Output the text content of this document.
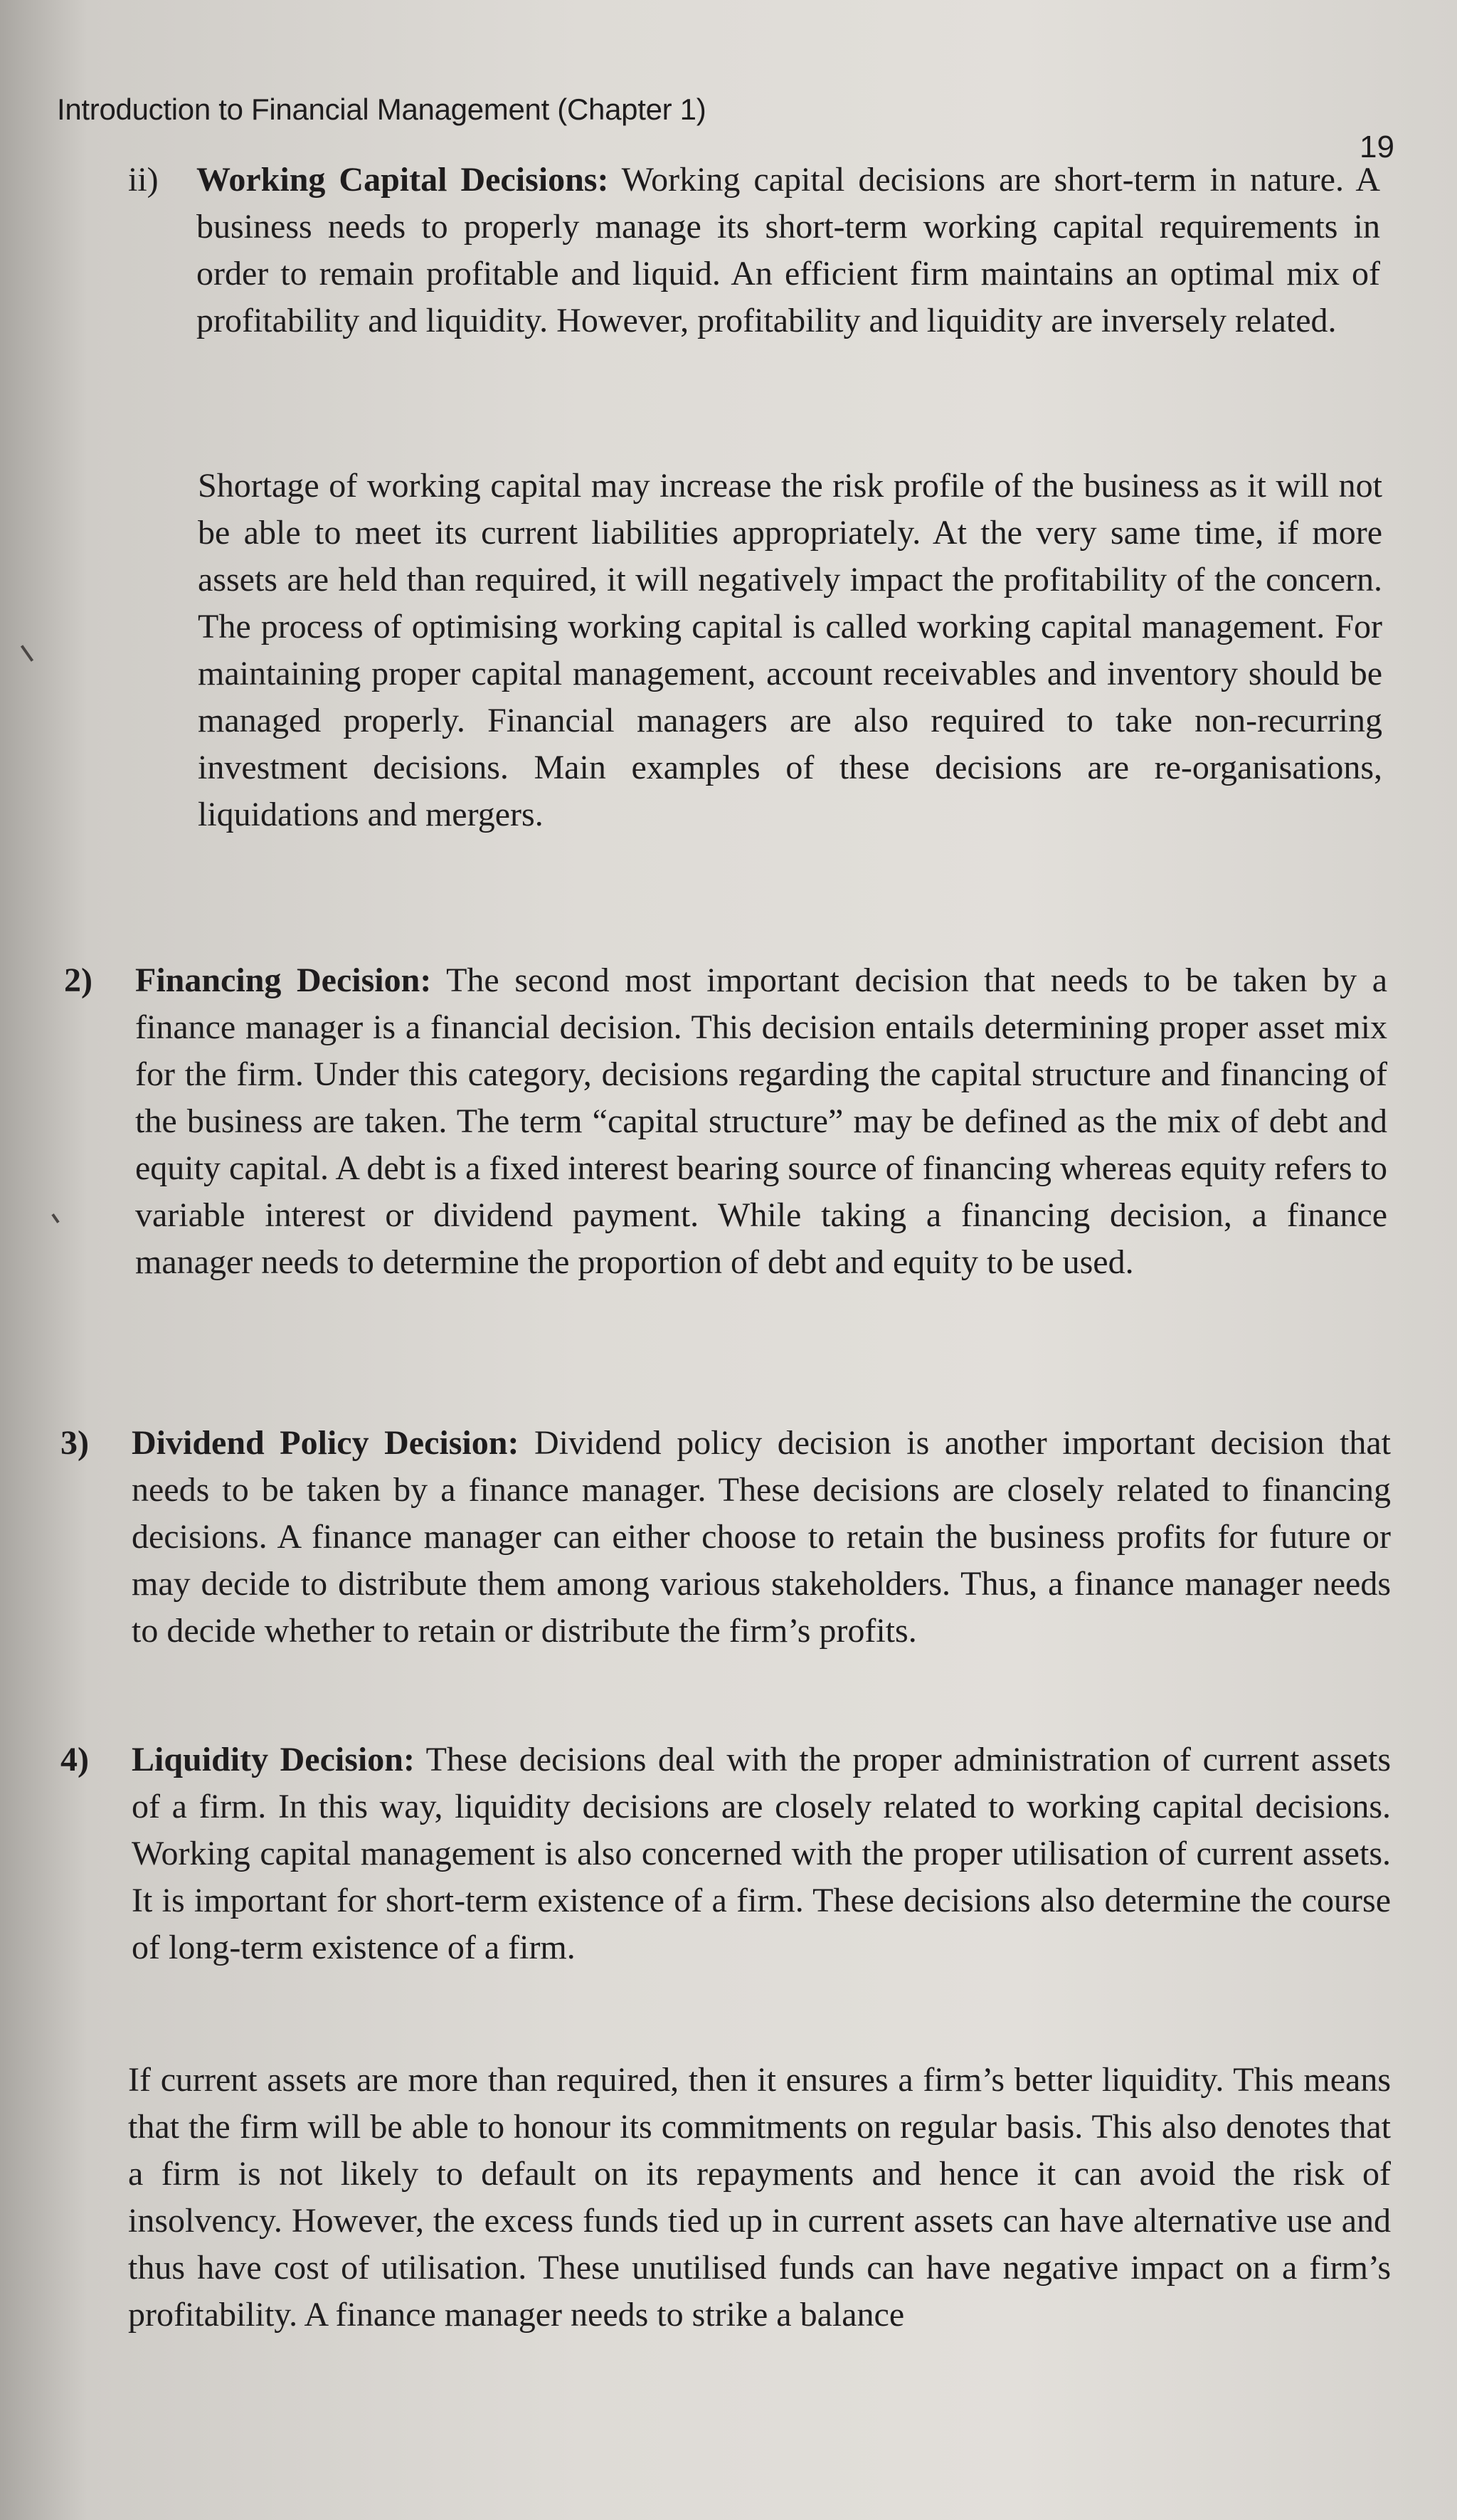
Introduction to Financial Management (Chapter 1)
19
ii)	Working Capital Decisions: Working capital decisions are short-term in nature. A business needs to properly manage its short-term working capital requirements in order to remain profitable and liquid. An efficient firm maintains an optimal mix of profitability and liquidity. However, profitability and liquidity are inversely related.

Shortage of working capital may increase the risk profile of the business as it will not be able to meet its current liabilities appropriately. At the very same time, if more assets are held than required, it will negatively impact the profitability of the concern. The process of optimising working capital is called working capital management. For maintaining proper capital management, account receivables and inventory should be managed properly. Financial managers are also required to take non-recurring investment decisions. Main examples of these decisions are re-organisations, liquidations and mergers.
2)	Financing Decision: The second most important decision that needs to be taken by a finance manager is a financial decision. This decision entails determining proper asset mix for the firm. Under this category, decisions regarding the capital structure and financing of the business are taken. The term “capital structure” may be defined as the mix of debt and equity capital. A debt is a fixed interest bearing source of financing whereas equity refers to variable interest or dividend payment. While taking a financing decision, a finance manager needs to determine the proportion of debt and equity to be used.

3)	Dividend Policy Decision: Dividend policy decision is another important decision that needs to be taken by a finance manager. These decisions are closely related to financing decisions. A finance manager can either choose to retain the business profits for future or may decide to distribute them among various stakeholders. Thus, a finance manager needs to decide whether to retain or distribute the firm’s profits.

4)	Liquidity Decision: These decisions deal with the proper administration of current assets of a firm. In this way, liquidity decisions are closely related to working capital decisions. Working capital management is also concerned with the proper utilisation of current assets. It is important for short-term existence of a firm. These decisions also determine the course of long-term existence of a firm.

If current assets are more than required, then it ensures a firm’s better liquidity. This means that the firm will be able to honour its commitments on regular basis. This also denotes that a firm is not likely to default on its repayments and hence it can avoid the risk of insolvency. However, the excess funds tied up in current assets can have alternative use and thus have cost of utilisation. These unutilised funds can have negative impact on a firm’s profitability. A finance manager needs to strike a balance
